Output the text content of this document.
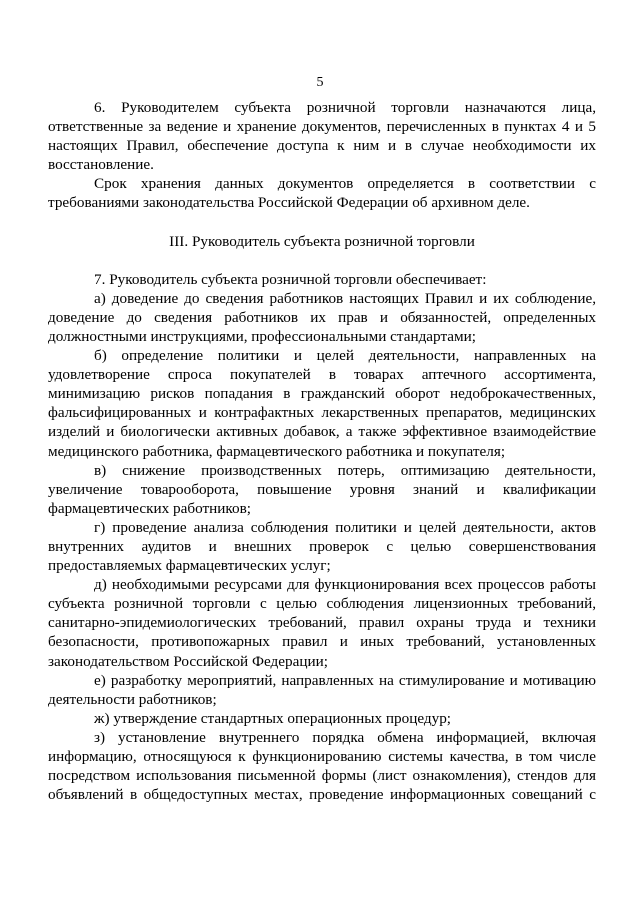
5
6. Руководителем субъекта розничной торговли назначаются лица,
ответственные за ведение и хранение документов, перечисленных в пунктах 4 и 5
настоящих Правил, обеспечение доступа к ним и в случае необходимости их
восстановление.
Срок хранения данных документов определяется в соответствии с
требованиями законодательства Российской Федерации об архивном деле.
III. Руководитель субъекта розничной торговли
7. Руководитель субъекта розничной торговли обеспечивает:
а) доведение до сведения работников настоящих Правил и их соблюдение,
доведение до сведения работников их прав и обязанностей, определенных
должностными инструкциями, профессиональными стандартами;
б) определение политики и целей деятельности, направленных на
удовлетворение спроса покупателей в товарах аптечного ассортимента,
минимизацию рисков попадания в гражданский оборот недоброкачественных,
фальсифицированных и контрафактных лекарственных препаратов, медицинских
изделий и биологически активных добавок, а также эффективное взаимодействие
медицинского работника, фармацевтического работника и покупателя;
в) снижение производственных потерь, оптимизацию деятельности,
увеличение товарооборота, повышение уровня знаний и квалификации
фармацевтических работников;
г) проведение анализа соблюдения политики и целей деятельности, актов
внутренних аудитов и внешних проверок с целью совершенствования
предоставляемых фармацевтических услуг;
д) необходимыми ресурсами для функционирования всех процессов работы
субъекта розничной торговли с целью соблюдения лицензионных требований,
санитарно-эпидемиологических требований, правил охраны труда и техники
безопасности, противопожарных правил и иных требований, установленных
законодательством Российской Федерации;
е) разработку мероприятий, направленных на стимулирование и мотивацию
деятельности работников;
ж) утверждение стандартных операционных процедур;
з) установление внутреннего порядка обмена информацией, включая
информацию, относящуюся к функционированию системы качества, в том числе
посредством использования письменной формы (лист ознакомления), стендов для
объявлений в общедоступных местах, проведение информационных совещаний с
